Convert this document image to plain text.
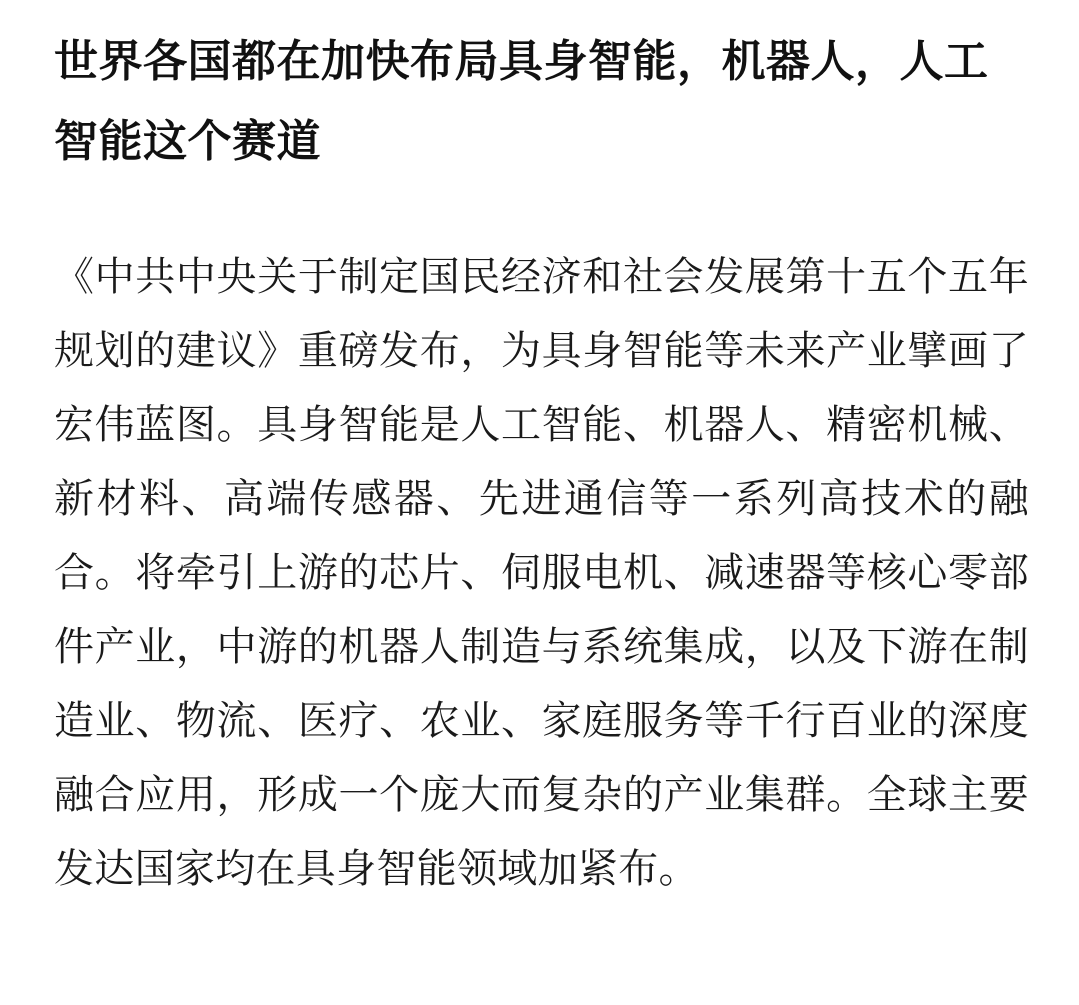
世界各国都在加快布局具身智能，机器人，人工智能这个赛道

《中共中央关于制定国民经济和社会发展第十五个五年规划的建议》重磅发布，为具身智能等未来产业擘画了宏伟蓝图。具身智能是人工智能、机器人、精密机械、新材料、高端传感器、先进通信等一系列高技术的融合。将牵引上游的芯片、伺服电机、减速器等核心零部件产业，中游的机器人制造与系统集成，以及下游在制造业、物流、医疗、农业、家庭服务等千行百业的深度融合应用，形成一个庞大而复杂的产业集群。全球主要发达国家均在具身智能领域加紧布。
